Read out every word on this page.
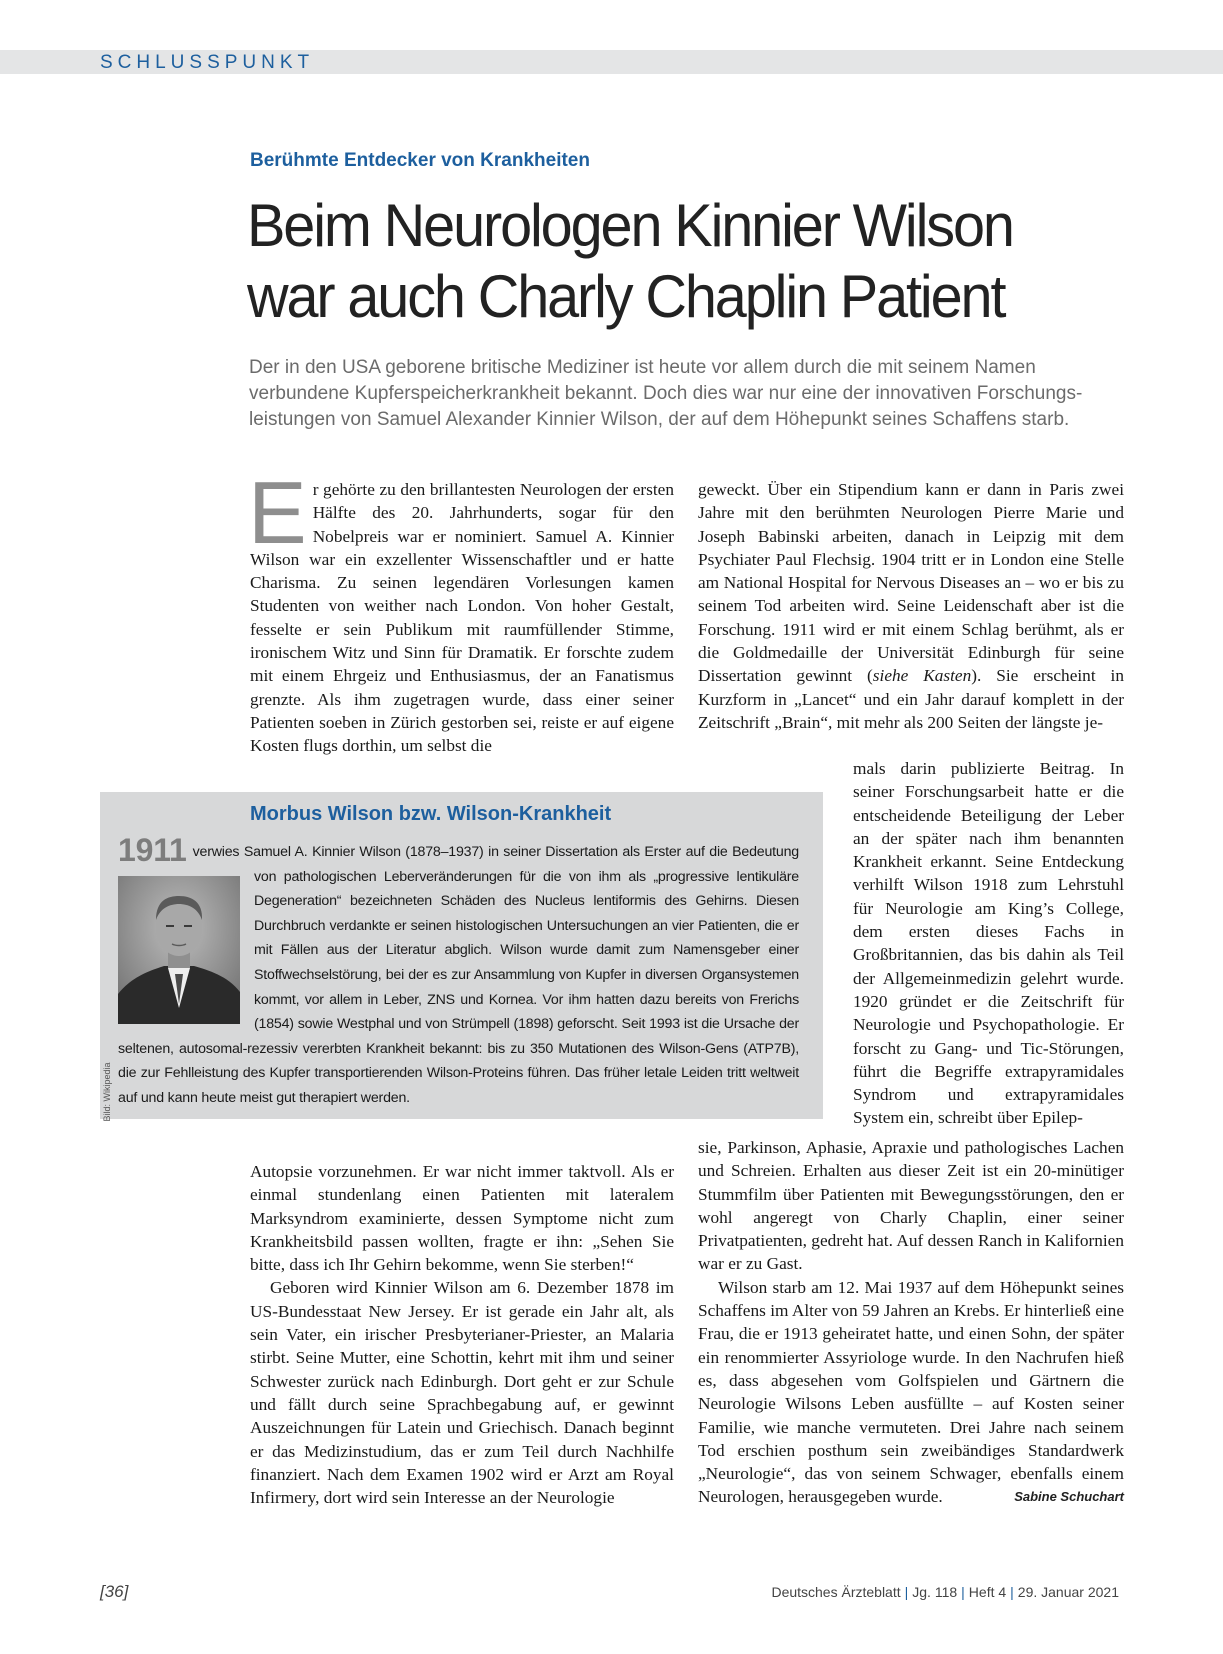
SCHLUSSPUNKT
Berühmte Entdecker von Krankheiten
Beim Neurologen Kinnier Wilson
war auch Charly Chaplin Patient
Der in den USA geborene britische Mediziner ist heute vor allem durch die mit seinem Namen
verbundene Kupferspeicherkrankheit bekannt. Doch dies war nur eine der innovativen Forschungs-
leistungen von Samuel Alexander Kinnier Wilson, der auf dem Höhepunkt seines Schaffens starb.

Er gehörte zu den brillantesten Neurologen der ersten Hälfte des 20. Jahrhunderts, sogar für den Nobelpreis war er nominiert. Samuel A. Kinnier Wilson war ein exzellenter Wissenschaftler und er hatte Charisma. Zu seinen legendären Vorlesungen kamen Studenten von weither nach London. Von hoher Gestalt, fesselte er sein Publikum mit raumfüllender Stimme, ironischem Witz und Sinn für Dramatik. Er forschte zudem mit einem Ehrgeiz und Enthusiasmus, der an Fanatismus grenzte. Als ihm zugetragen wurde, dass einer seiner Patienten soeben in Zürich gestorben sei, reiste er auf eigene Kosten flugs dorthin, um selbst die

geweckt. Über ein Stipendium kann er dann in Paris zwei Jahre mit den berühmten Neurologen Pierre Marie und Joseph Babinski arbeiten, danach in Leipzig mit dem Psychiater Paul Flechsig. 1904 tritt er in London eine Stelle am National Hospital for Nervous Diseases an – wo er bis zu seinem Tod arbeiten wird. Seine Leidenschaft aber ist die Forschung. 1911 wird er mit einem Schlag berühmt, als er die Goldmedaille der Universität Edinburgh für seine Dissertation gewinnt (siehe Kasten). Sie erscheint in Kurzform in „Lancet“ und ein Jahr darauf komplett in der Zeitschrift „Brain“, mit mehr als 200 Seiten der längste je-

mals darin publizierte Beitrag. In seiner Forschungsarbeit hatte er die entscheidende Beteiligung der Leber an der später nach ihm benannten Krankheit erkannt. Seine Entdeckung verhilft Wilson 1918 zum Lehrstuhl für Neurologie am King’s College, dem ersten dieses Fachs in Großbritannien, das bis dahin als Teil der Allgemeinmedizin gelehrt wurde. 1920 gründet er die Zeitschrift für Neurologie und Psychopathologie. Er forscht zu Gang- und Tic-Störungen, führt die Begriffe extrapyramidales Syndrom und extrapyramidales System ein, schreibt über Epilep-

Morbus Wilson bzw. Wilson-Krankheit
1911 verwies Samuel A. Kinnier Wilson (1878–1937) in seiner Dissertation als Erster auf die Bedeutung von pathologischen Leberveränderungen für die von ihm als „progressive lentikuläre Degeneration“ bezeichneten Schäden des Nucleus lentiformis des Gehirns. Diesen Durchbruch verdankte er seinen histologischen Untersuchungen an vier Patienten, die er mit Fällen aus der Literatur abglich. Wilson wurde damit zum Namensgeber einer Stoffwechselstörung, bei der es zur Ansammlung von Kupfer in diversen Organsystemen kommt, vor allem in Leber, ZNS und Kornea. Vor ihm hatten dazu bereits von Frerichs (1854) sowie Westphal und von Strümpell (1898) geforscht. Seit 1993 ist die Ursache der seltenen, autosomal-rezessiv vererbten Krankheit bekannt: bis zu 350 Mutationen des Wilson-Gens (ATP7B), die zur Fehlleistung des Kupfer transportierenden Wilson-Proteins führen. Das früher letale Leiden tritt weltweit auf und kann heute meist gut therapiert werden.
Bild: Wikipedia

Autopsie vorzunehmen. Er war nicht immer taktvoll. Als er einmal stundenlang einen Patienten mit lateralem Marksyndrom examinierte, dessen Symptome nicht zum Krankheitsbild passen wollten, fragte er ihn: „Sehen Sie bitte, dass ich Ihr Gehirn bekomme, wenn Sie sterben!“

Geboren wird Kinnier Wilson am 6. Dezember 1878 im US-Bundesstaat New Jersey. Er ist gerade ein Jahr alt, als sein Vater, ein irischer Presbyterianer-Priester, an Malaria stirbt. Seine Mutter, eine Schottin, kehrt mit ihm und seiner Schwester zurück nach Edinburgh. Dort geht er zur Schule und fällt durch seine Sprachbegabung auf, er gewinnt Auszeichnungen für Latein und Griechisch. Danach beginnt er das Medizinstudium, das er zum Teil durch Nachhilfe finanziert. Nach dem Examen 1902 wird er Arzt am Royal Infirmery, dort wird sein Interesse an der Neurologie

sie, Parkinson, Aphasie, Apraxie und pathologisches Lachen und Schreien. Erhalten aus dieser Zeit ist ein 20-minütiger Stummfilm über Patienten mit Bewegungsstörungen, den er wohl angeregt von Charly Chaplin, einer seiner Privatpatienten, gedreht hat. Auf dessen Ranch in Kalifornien war er zu Gast.

Wilson starb am 12. Mai 1937 auf dem Höhepunkt seines Schaffens im Alter von 59 Jahren an Krebs. Er hinterließ eine Frau, die er 1913 geheiratet hatte, und einen Sohn, der später ein renommierter Assyriologe wurde. In den Nachrufen hieß es, dass abgesehen vom Golfspielen und Gärtnern die Neurologie Wilsons Leben ausfüllte – auf Kosten seiner Familie, wie manche vermuteten. Drei Jahre nach seinem Tod erschien posthum sein zweibändiges Standardwerk „Neurologie“, das von seinem Schwager, ebenfalls einem Neurologen, herausgegeben wurde.	Sabine Schuchart

[36]	Deutsches Ärzteblatt | Jg. 118 | Heft 4 | 29. Januar 2021
